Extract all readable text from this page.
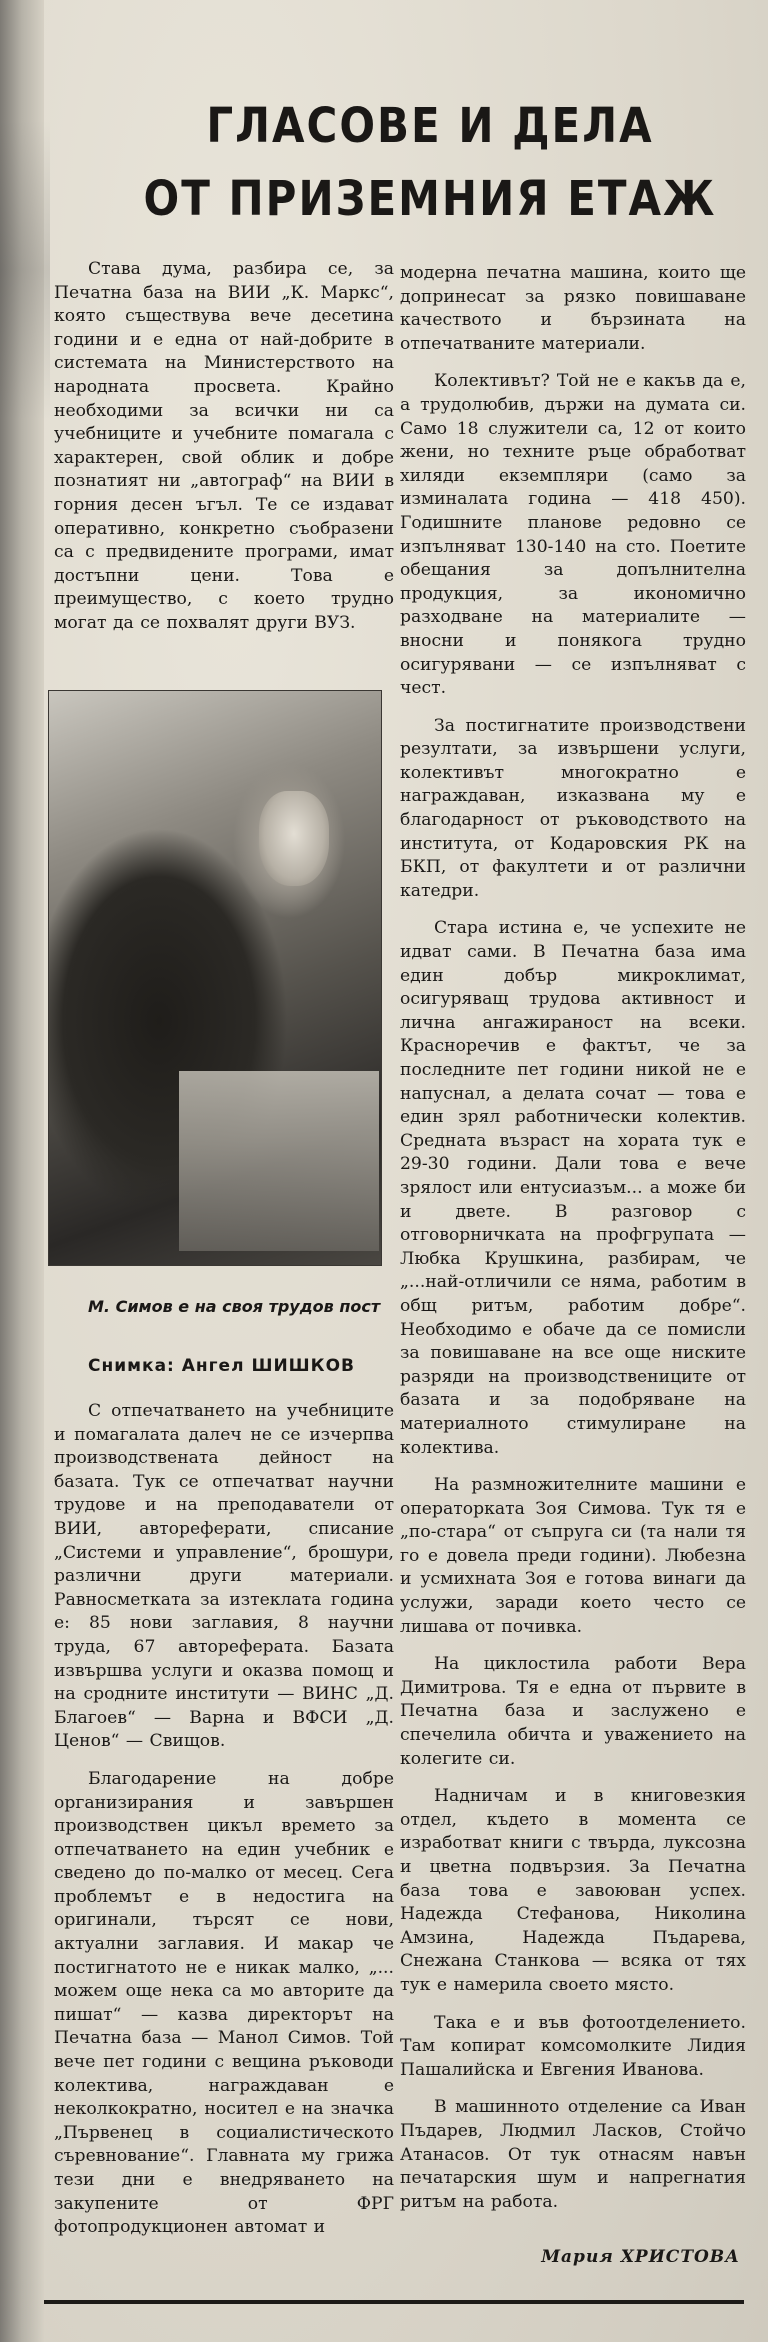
ГЛАСОВЕ И ДЕЛА
ОТ ПРИЗЕМНИЯ ЕТАЖ

Става дума, разбира се, за Печатна база на ВИИ „К. Маркс“, която съществува вече десетина години и е една от най-добрите в системата на Министерството на народната просвета. Крайно необходими за всички ни са учебниците и учебните помагала с характерен, свой облик и добре познатият ни „автограф“ на ВИИ в горния десен ъгъл. Те се издават оперативно, конкретно съобразени са с предвидените програми, имат достъпни цени. Това е преимущество, с което трудно могат да се похвалят други ВУЗ.

М. Симов е на своя трудов пост
Снимка: Ангел ШИШКОВ

С отпечатването на учебниците и помагалата далеч не се изчерпва производствената дейност на базата. Тук се отпечатват научни трудове и на преподаватели от ВИИ, автореферати, списание „Системи и управление“, брошури, различни други материали. Равносметката за изтеклата година е: 85 нови заглавия, 8 научни труда, 67 автореферата. Базата извършва услуги и оказва помощ и на сродните институти — ВИНС „Д. Благоев“ — Варна и ВФСИ „Д. Ценов“ — Свищов.

Благодарение на добре организирания и завършен производствен цикъл времето за отпечатването на един учебник е сведено до по-малко от месец. Сега проблемът е в недостига на оригинали, търсят се нови, актуални заглавия. И макар че постигнатото не е никак малко, „... можем още нека са мо авторите да пишат“ — казва директорът на Печатна база — Манол Симов. Той вече пет години с вещина ръководи колектива, награждаван е неколкократно, носител е на значка „Първенец в социалистическото съревнование“. Главната му грижа тези дни е внедряването на закупените от ФРГ фотопродукционен автомат и

модерна печатна машина, които ще допринесат за рязко повишаване качеството и бързината на отпечатваните материали.

Колективът? Той не е какъв да е, а трудолюбив, държи на думата си. Само 18 служители са, 12 от които жени, но техните ръце обработват хиляди екземпляри (само за изминалата година — 418 450). Годишните планове редовно се изпълняват 130-140 на сто. Поетите обещания за допълнителна продукция, за икономично разходване на материалите — вносни и понякога трудно осигурявани — се изпълняват с чест.

За постигнатите производствени резултати, за извършени услуги, колективът многократно е награждаван, изказвана му е благодарност от ръководството на института, от Кодаровския РК на БКП, от факултети и от различни катедри.

Стара истина е, че успехите не идват сами. В Печатна база има един добър микроклимат, осигуряващ трудова активност и лична ангажираност на всеки. Красноречив е фактът, че за последните пет години никой не е напуснал, а делата сочат — това е един зрял работнически колектив. Средната възраст на хората тук е 29-30 години. Дали това е вече зрялост или ентусиазъм... а може би и двете. В разговор с отговорничката на профгрупата — Любка Крушкина, разбирам, че „...най-отличили се няма, работим в общ ритъм, работим добре“. Необходимо е обаче да се помисли за повишаване на все още ниските разряди на производствениците от базата и за подобряване на материалното стимулиране на колектива.

На размножителните машини е операторката Зоя Симова. Тук тя е „по-стара“ от съпруга си (та нали тя го е довела преди години). Любезна и усмихната Зоя е готова винаги да услужи, заради което често се лишава от почивка.

На циклостила работи Вера Димитрова. Тя е една от първите в Печатна база и заслужено е спечелила обичта и уважението на колегите си.

Надничам и в книговезкия отдел, където в момента се изработват книги с твърда, луксозна и цветна подвързия. За Печатна база това е завоюван успех. Надежда Стефанова, Николина Амзина, Надежда Пъдарева, Снежана Станкова — всяка от тях тук е намерила своето място.

Така е и във фотоотделението. Там копират комсомолките Лидия Пашалийска и Евгения Иванова.

В машинното отделение са Иван Пъдарев, Людмил Ласков, Стойчо Атанасов. От тук отнасям навън печатарския шум и напрегнатия ритъм на работа.

Мария ХРИСТОВА
